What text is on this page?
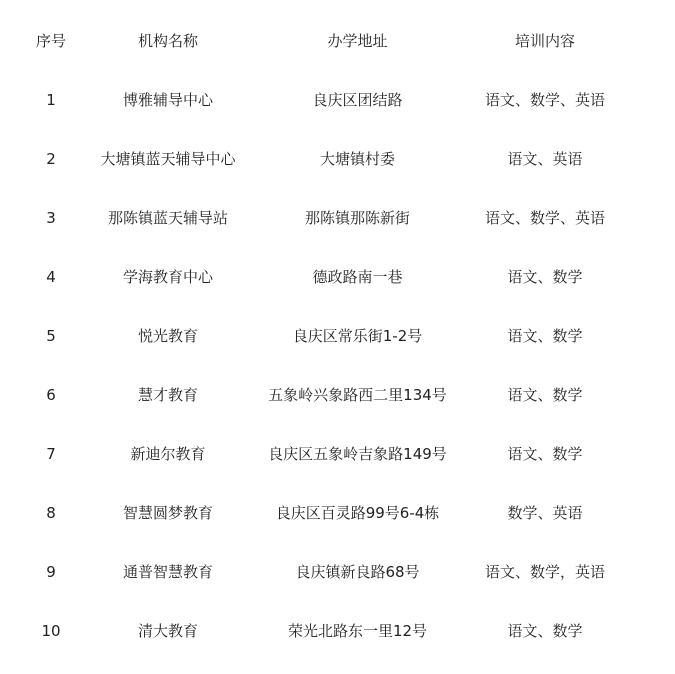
序号	机构名称	办学地址	培训内容
1	博雅辅导中心	良庆区团结路	语文、数学、英语
2	大塘镇蓝天辅导中心	大塘镇村委	语文、英语
3	那陈镇蓝天辅导站	那陈镇那陈新街	语文、数学、英语
4	学海教育中心	德政路南一巷	语文、数学
5	悦光教育	良庆区常乐街1-2号	语文、数学
6	慧才教育	五象岭兴象路西二里134号	语文、数学
7	新迪尔教育	良庆区五象岭吉象路149号	语文、数学
8	智慧圆梦教育	良庆区百灵路99号6-4栋	数学、英语
9	通普智慧教育	良庆镇新良路68号	语文、数学，英语
10	清大教育	荣光北路东一里12号	语文、数学
